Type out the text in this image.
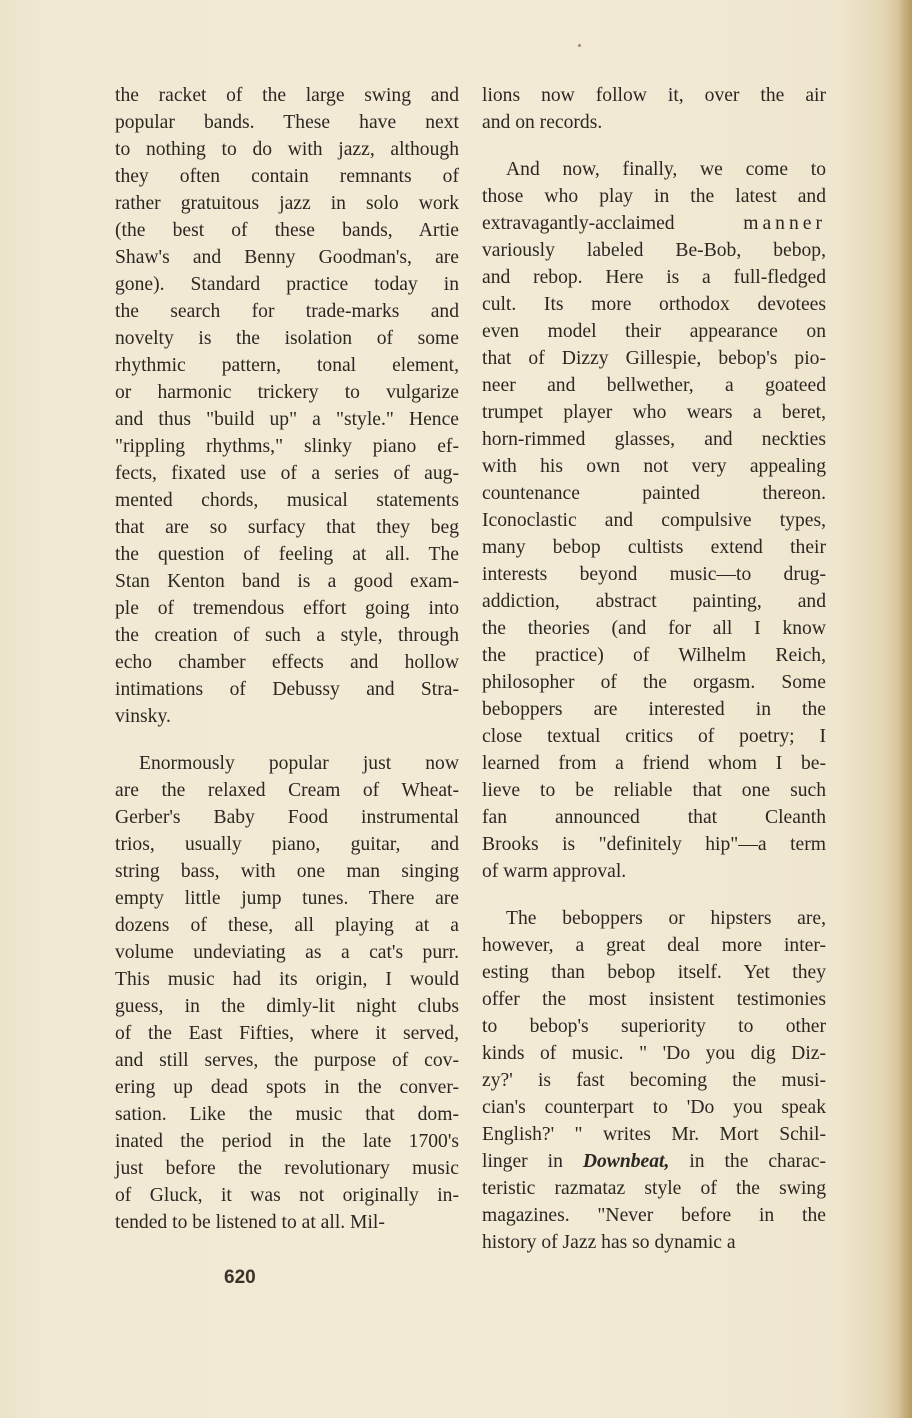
the racket of the large swing and
popular bands. These have next
to nothing to do with jazz, although
they often contain remnants of
rather gratuitous jazz in solo work
(the best of these bands, Artie
Shaw's and Benny Goodman's, are
gone). Standard practice today in
the search for trade-marks and
novelty is the isolation of some
rhythmic pattern, tonal element,
or harmonic trickery to vulgarize
and thus "build up" a "style." Hence
"rippling rhythms," slinky piano ef-
fects, fixated use of a series of aug-
mented chords, musical statements
that are so surfacy that they beg
the question of feeling at all. The
Stan Kenton band is a good exam-
ple of tremendous effort going into
the creation of such a style, through
echo chamber effects and hollow
intimations of Debussy and Stra-
vinsky.
Enormously popular just now
are the relaxed Cream of Wheat-
Gerber's Baby Food instrumental
trios, usually piano, guitar, and
string bass, with one man singing
empty little jump tunes. There are
dozens of these, all playing at a
volume undeviating as a cat's purr.
This music had its origin, I would
guess, in the dimly-lit night clubs
of the East Fifties, where it served,
and still serves, the purpose of cov-
ering up dead spots in the conver-
sation. Like the music that dom-
inated the period in the late 1700's
just before the revolutionary music
of Gluck, it was not originally in-
tended to be listened to at all. Mil-
lions now follow it, over the air
and on records.
And now, finally, we come to
those who play in the latest and
extravagantly-acclaimed	manner
variously labeled Be-Bob, bebop,
and rebop. Here is a full-fledged
cult. Its more orthodox devotees
even model their appearance on
that of Dizzy Gillespie, bebop's pio-
neer and bellwether, a goateed
trumpet player who wears a beret,
horn-rimmed glasses, and neckties
with his own not very appealing
countenance painted thereon.
Iconoclastic and compulsive types,
many bebop cultists extend their
interests beyond music—to drug-
addiction, abstract painting, and
the theories (and for all I know
the practice) of Wilhelm Reich,
philosopher of the orgasm. Some
beboppers are interested in the
close textual critics of poetry; I
learned from a friend whom I be-
lieve to be reliable that one such
fan announced that Cleanth
Brooks is "definitely hip"—a term
of warm approval.
The beboppers or hipsters are,
however, a great deal more inter-
esting than bebop itself. Yet they
offer the most insistent testimonies
to bebop's superiority to other
kinds of music. " 'Do you dig Diz-
zy?' is fast becoming the musi-
cian's counterpart to 'Do you speak
English?' " writes Mr. Mort Schil-
linger in Downbeat, in the charac-
teristic razmataz style of the swing
magazines. "Never before in the
history of Jazz has so dynamic a
620
